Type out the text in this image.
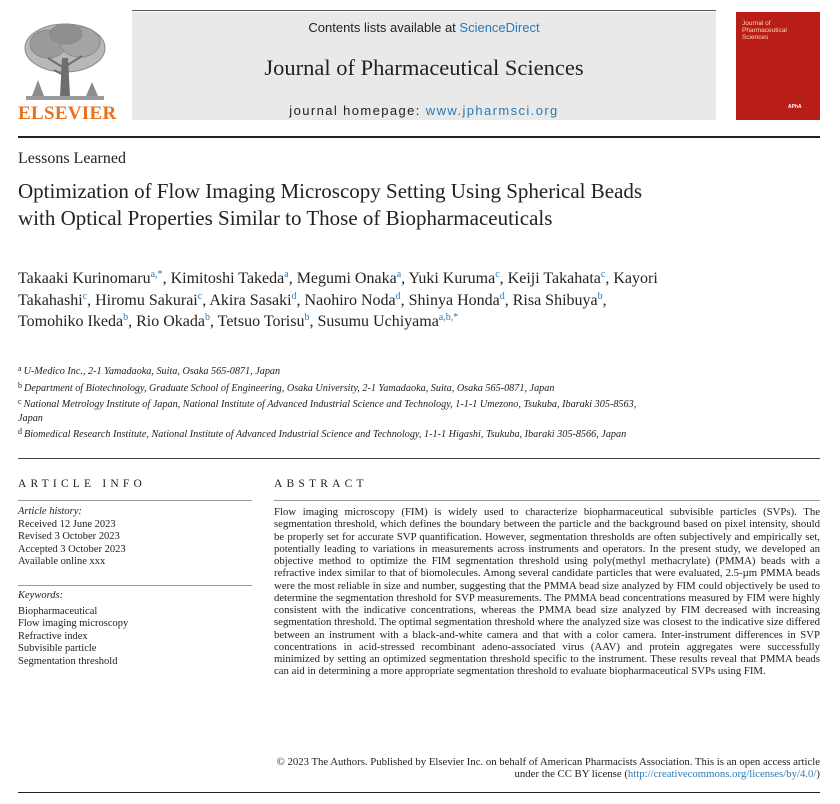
ELSEVIER
Contents lists available at ScienceDirect
Journal of Pharmaceutical Sciences
journal homepage: www.jpharmsci.org
Journal of
Pharmaceutical
Sciences
APhA
Lessons Learned
Optimization of Flow Imaging Microscopy Setting Using Spherical Beads with Optical Properties Similar to Those of Biopharmaceuticals
Takaaki Kurinomaru$^{a,*}$, Kimitoshi Takeda$^a$, Megumi Onaka$^a$, Yuki Kuruma$^c$, Keiji Takahata$^c$, Kayori Takahashi$^c$, Hiromu Sakurai$^c$, Akira Sasaki$^d$, Naohiro Noda$^d$, Shinya Honda$^d$, Risa Shibuya$^b$, Tomohiko Ikeda$^b$, Rio Okada$^b$, Tetsuo Torisu$^b$, Susumu Uchiyama$^{a,b,*}$
$^a$ U-Medico Inc., 2-1 Yamadaoka, Suita, Osaka 565-0871, Japan
$^b$ Department of Biotechnology, Graduate School of Engineering, Osaka University, 2-1 Yamadaoka, Suita, Osaka 565-0871, Japan
$^c$ National Metrology Institute of Japan, National Institute of Advanced Industrial Science and Technology, 1-1-1 Umezono, Tsukuba, Ibaraki 305-8563, Japan
$^d$ Biomedical Research Institute, National Institute of Advanced Industrial Science and Technology, 1-1-1 Higashi, Tsukuba, Ibaraki 305-8566, Japan
ARTICLE INFO
Article history:
Received 12 June 2023
Revised 3 October 2023
Accepted 3 October 2023
Available online xxx
Keywords:
Biopharmaceutical
Flow imaging microscopy
Refractive index
Subvisible particle
Segmentation threshold
ABSTRACT
Flow imaging microscopy (FIM) is widely used to characterize biopharmaceutical subvisible particles (SVPs). The segmentation threshold, which defines the boundary between the particle and the background based on pixel intensity, should be properly set for accurate SVP quantification. However, segmentation thresholds are often subjectively and empirically set, potentially leading to variations in measurements across instruments and operators. In the present study, we developed an objective method to optimize the FIM segmentation threshold using poly(methyl methacrylate) (PMMA) beads with a refractive index similar to that of biomolecules. Among several candidate particles that were evaluated, 2.5-µm PMMA beads were the most reliable in size and number, suggesting that the PMMA bead size analyzed by FIM could objectively be used to determine the segmentation threshold for SVP measurements. The PMMA bead concentrations measured by FIM were highly consistent with the indicative concentrations, whereas the PMMA bead size analyzed by FIM decreased with increasing segmentation threshold. The optimal segmentation threshold where the analyzed size was closest to the indicative size differed between an instrument with a black-and-white camera and that with a color camera. Inter-instrument differences in SVP concentrations in acid-stressed recombinant adeno-associated virus (AAV) and protein aggregates were successfully minimized by setting an optimized segmentation threshold specific to the instrument. These results reveal that PMMA beads can aid in determining a more appropriate segmentation threshold to evaluate biopharmaceutical SVPs using FIM.
© 2023 The Authors. Published by Elsevier Inc. on behalf of American Pharmacists Association. This is an open access article under the CC BY license (http://creativecommons.org/licenses/by/4.0/)
